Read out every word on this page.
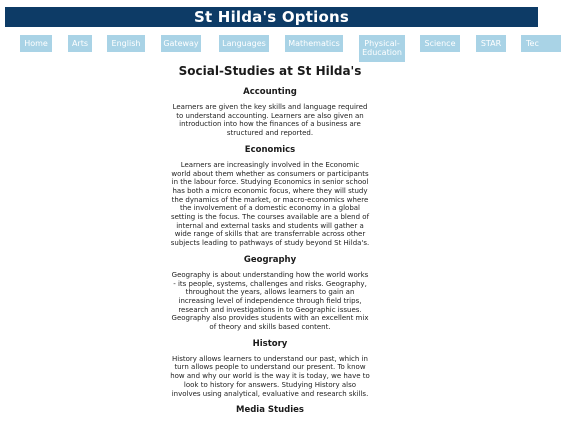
St Hilda's Options
Home	Arts	English	Gateway	Languages	Mathematics	Physical-Education
Science	STAR	Tec
Social-Studies at St Hilda's
Accounting

Learners are given the key skills and language required to understand accounting. Learners are also given an introduction into how the finances of a business are structured and reported.

Economics

Learners are increasingly involved in the Economic world about them whether as consumers or participants in the labour force. Studying Economics in senior school has both a micro economic focus, where they will study the dynamics of the market, or macro-economics where the involvement of a domestic economy in a global setting is the focus. The courses available are a blend of internal and external tasks and students will gather a wide range of skills that are transferrable across other subjects leading to pathways of study beyond St Hilda's.

Geography

Geography is about understanding how the world works - its people, systems, challenges and risks. Geography, throughout the years, allows learners to gain an increasing level of independence through field trips, research and investigations in to Geographic issues. Geography also provides students with an excellent mix of theory and skills based content.

History

History allows learners to understand our past, which in turn allows people to understand our present. To know how and why our world is the way it is today, we have to look to history for answers. Studying History also involves using analytical, evaluative and research skills.

Media Studies
